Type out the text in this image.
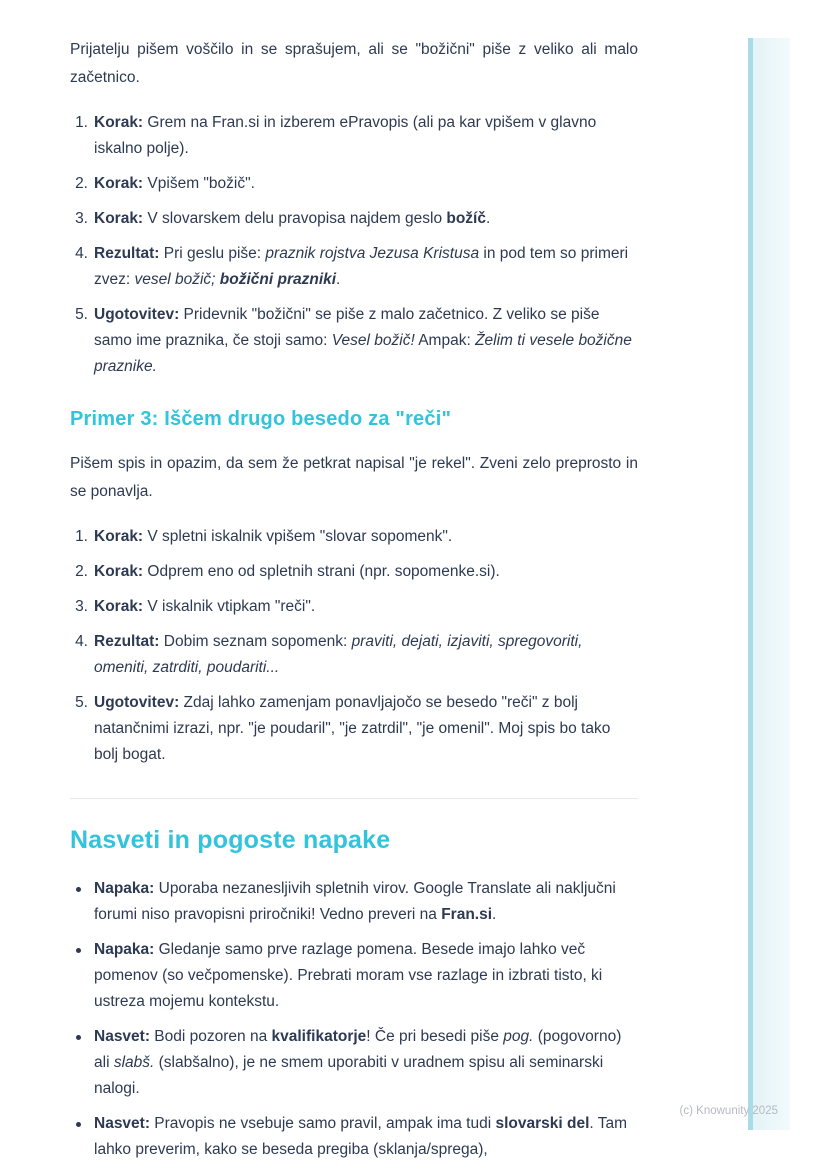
Prijatelju pišem voščilo in se sprašujem, ali se "božični" piše z veliko ali malo začetnico.

1. Korak: Grem na Fran.si in izberem ePravopis (ali pa kar vpišem v glavno iskalno polje).
2. Korak: Vpišem "božič".
3. Korak: V slovarskem delu pravopisa najdem geslo božíč.
4. Rezultat: Pri geslu piše: praznik rojstva Jezusa Kristusa in pod tem so primeri zvez: vesel božič; božični prazniki.
5. Ugotovitev: Pridevnik "božični" se piše z malo začetnico. Z veliko se piše samo ime praznika, če stoji samo: Vesel božič! Ampak: Želim ti vesele božične praznike.
Primer 3: Iščem drugo besedo za "reči"

Pišem spis in opazim, da sem že petkrat napisal "je rekel". Zveni zelo preprosto in se ponavlja.

1. Korak: V spletni iskalnik vpišem "slovar sopomenk".
2. Korak: Odprem eno od spletnih strani (npr. sopomenke.si).
3. Korak: V iskalnik vtipkam "reči".
4. Rezultat: Dobim seznam sopomenk: praviti, dejati, izjaviti, spregovoriti, omeniti, zatrditi, poudariti...
5. Ugotovitev: Zdaj lahko zamenjam ponavljajočo se besedo "reči" z bolj natančnimi izrazi, npr. "je poudaril", "je zatrdil", "je omenil". Moj spis bo tako bolj bogat.
Nasveti in pogoste napake
Napaka: Uporaba nezanesljivih spletnih virov. Google Translate ali naključni forumi niso pravopisni priročniki! Vedno preveri na Fran.si.
Napaka: Gledanje samo prve razlage pomena. Besede imajo lahko več pomenov (so večpomenske). Prebrati moram vse razlage in izbrati tisto, ki ustreza mojemu kontekstu.
Nasvet: Bodi pozoren na kvalifikatorje! Če pri besedi piše pog. (pogovorno) ali slabš. (slabšalno), je ne smem uporabiti v uradnem spisu ali seminarski nalogi.
Nasvet: Pravopis ne vsebuje samo pravil, ampak ima tudi slovarski del. Tam lahko preverim, kako se beseda pregiba (sklanja/sprega),
(c) Knowunity 2025
